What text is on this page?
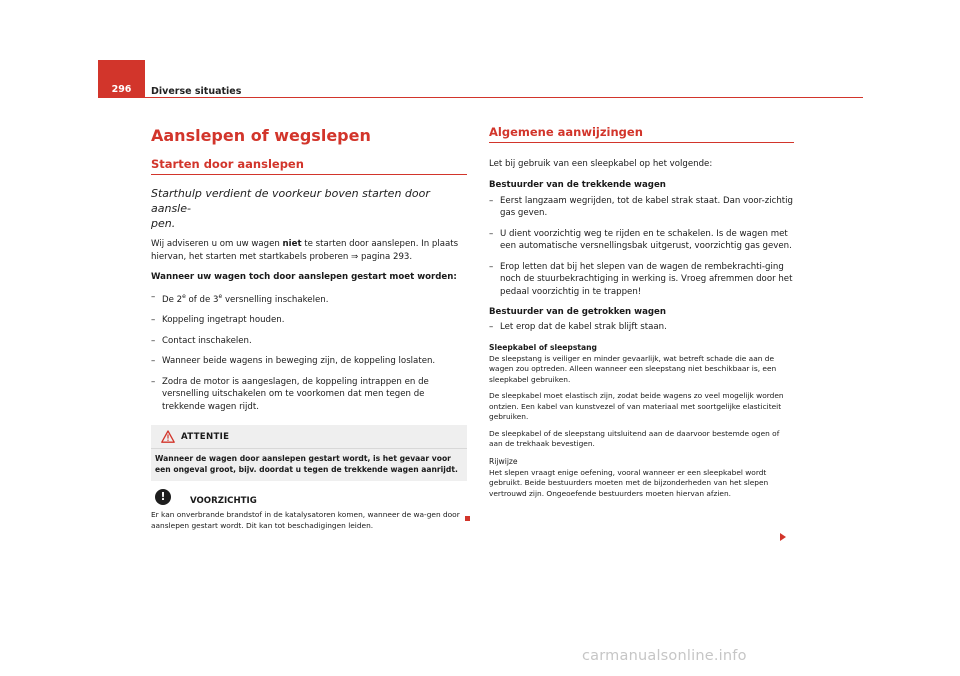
296	Diverse situaties
Aanslepen of wegslepen
Starten door aanslepen
Starthulp verdient de voorkeur boven starten door aansle-
pen.

Wij adviseren u om uw wagen niet te starten door aanslepen. In plaats hiervan, het starten met startkabels proberen ⇒ pagina 293.

Wanneer uw wagen toch door aanslepen gestart moet worden:
– De 2e of de 3e versnelling inschakelen.
– Koppeling ingetrapt houden.
– Contact inschakelen.
– Wanneer beide wagens in beweging zijn, de koppeling loslaten.
– Zodra de motor is aangeslagen, de koppeling intrappen en de versnelling uitschakelen om te voorkomen dat men tegen de trekkende wagen rijdt.
ATTENTIE
Wanneer de wagen door aanslepen gestart wordt, is het gevaar voor een ongeval groot, bijv. doordat u tegen de trekkende wagen aanrijdt.
!	VOORZICHTIG
Er kan onverbrande brandstof in de katalysatoren komen, wanneer de wa-gen door aanslepen gestart wordt. Dit kan tot beschadigingen leiden.
Algemene aanwijzingen

Let bij gebruik van een sleepkabel op het volgende:

Bestuurder van de trekkende wagen
– Eerst langzaam wegrijden, tot de kabel strak staat. Dan voor-zichtig gas geven.
– U dient voorzichtig weg te rijden en te schakelen. Is de wagen met een automatische versnellingsbak uitgerust, voorzichtig gas geven.
– Erop letten dat bij het slepen van de wagen de rembekrachti-ging noch de stuurbekrachtiging in werking is. Vroeg afremmen door het pedaal voorzichtig in te trappen!
Bestuurder van de getrokken wagen
– Let erop dat de kabel strak blijft staan.
Sleepkabel of sleepstang

De sleepstang is veiliger en minder gevaarlijk, wat betreft schade die aan de wagen zou optreden. Alleen wanneer een sleepstang niet beschikbaar is, een sleepkabel gebruiken.

De sleepkabel moet elastisch zijn, zodat beide wagens zo veel mogelijk worden ontzien. Een kabel van kunstvezel of van materiaal met soortgelijke elasticiteit gebruiken.

De sleepkabel of de sleepstang uitsluitend aan de daarvoor bestemde ogen of aan de trekhaak bevestigen.

Rijwijze

Het slepen vraagt enige oefening, vooral wanneer er een sleepkabel wordt gebruikt. Beide bestuurders moeten met de bijzonderheden van het slepen vertrouwd zijn. Ongeoefende bestuurders moeten hiervan afzien.

carmanualsonline.info
